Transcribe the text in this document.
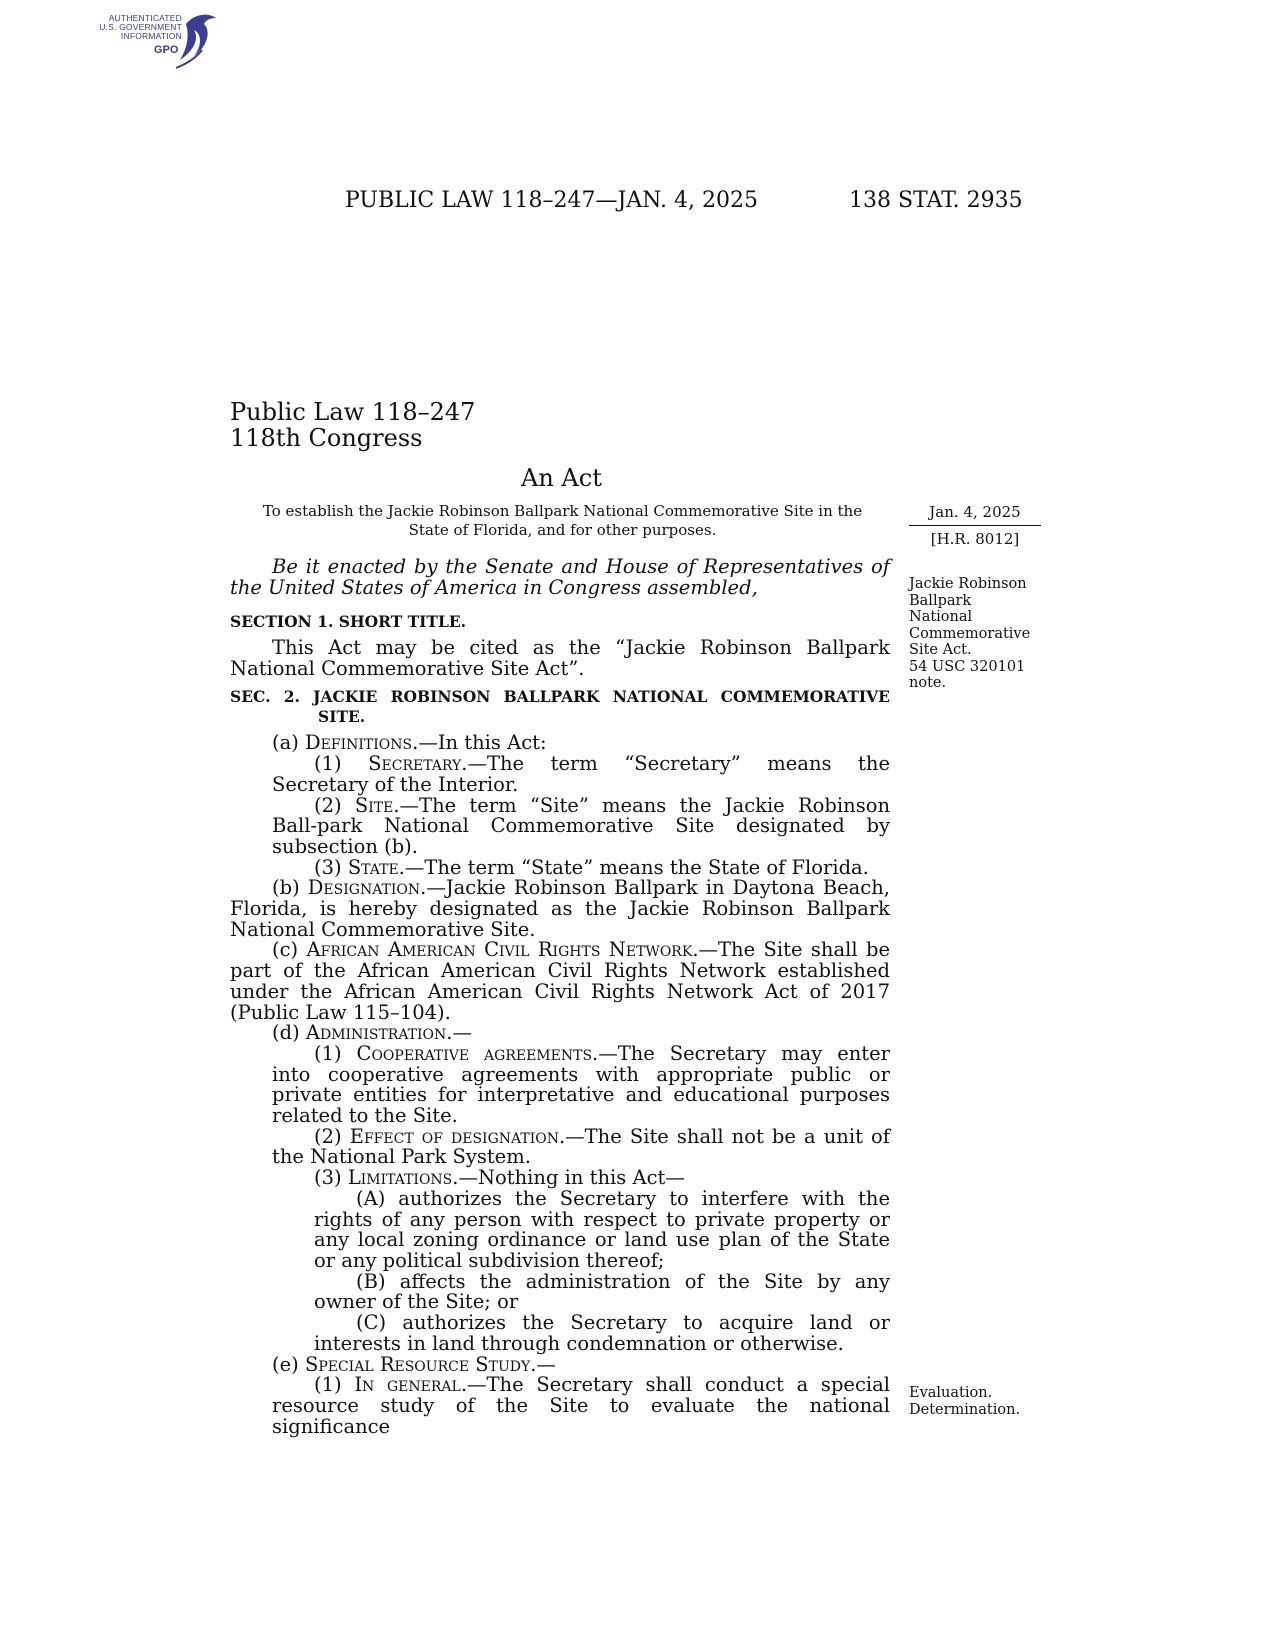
AUTHENTICATED
U.S. GOVERNMENT
INFORMATION
GPO
PUBLIC LAW 118–247—JAN. 4, 2025	138 STAT. 2935
Public Law 118–247
118th Congress
An Act
To establish the Jackie Robinson Ballpark National Commemorative Site in the State of Florida, and for other purposes.
Jan. 4, 2025
[H.R. 8012]
Jackie Robinson
Ballpark
National
Commemorative
Site Act.
54 USC 320101
note.
Evaluation.
Determination.

Be it enacted by the Senate and House of Representatives of the United States of America in Congress assembled,

SECTION 1. SHORT TITLE.

This Act may be cited as the “Jackie Robinson Ballpark National Commemorative Site Act”.

SEC. 2. JACKIE ROBINSON BALLPARK NATIONAL COMMEMORATIVE SITE.

(a) Definitions.—In this Act:

(1) Secretary.—The term “Secretary” means the Secretary of the Interior.

(2) Site.—The term “Site” means the Jackie Robinson Ball-park National Commemorative Site designated by subsection (b).

(3) State.—The term “State” means the State of Florida.

(b) Designation.—Jackie Robinson Ballpark in Daytona Beach, Florida, is hereby designated as the Jackie Robinson Ballpark National Commemorative Site.

(c) African American Civil Rights Network.—The Site shall be part of the African American Civil Rights Network established under the African American Civil Rights Network Act of 2017 (Public Law 115–104).

(d) Administration.—

(1) Cooperative agreements.—The Secretary may enter into cooperative agreements with appropriate public or private entities for interpretative and educational purposes related to the Site.

(2) Effect of designation.—The Site shall not be a unit of the National Park System.

(3) Limitations.—Nothing in this Act—

(A) authorizes the Secretary to interfere with the rights of any person with respect to private property or any local zoning ordinance or land use plan of the State or any political subdivision thereof;

(B) affects the administration of the Site by any owner of the Site; or

(C) authorizes the Secretary to acquire land or interests in land through condemnation or otherwise.

(e) Special Resource Study.—

(1) In general.—The Secretary shall conduct a special resource study of the Site to evaluate the national significance
